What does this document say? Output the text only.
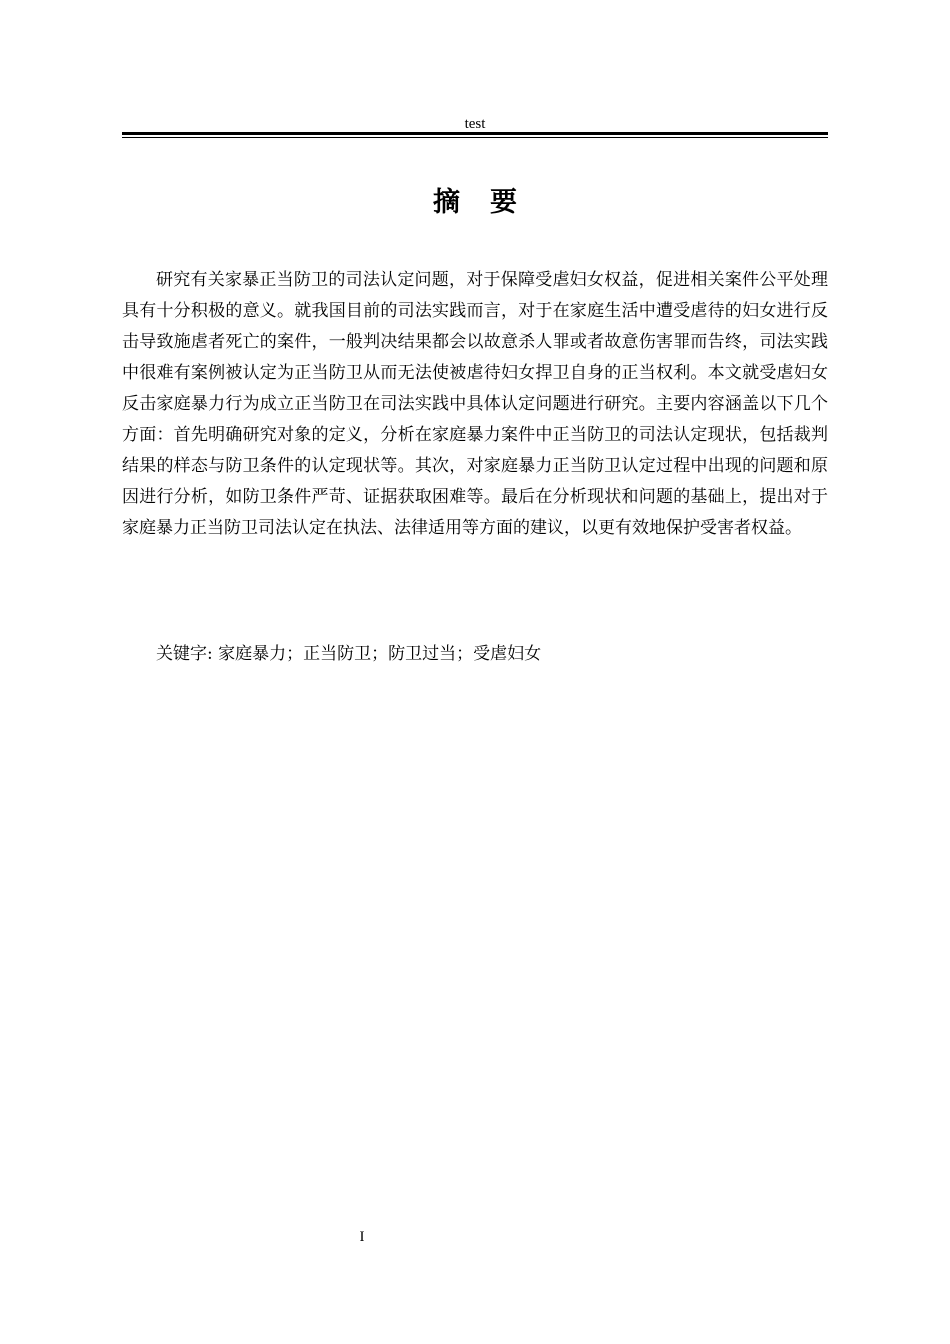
test
摘要

研究有关家暴正当防卫的司法认定问题，对于保障受虐妇女权益，促进相关案件公平处理具有十分积极的意义。就我国目前的司法实践而言，对于在家庭生活中遭受虐待的妇女进行反击导致施虐者死亡的案件，一般判决结果都会以故意杀人罪或者故意伤害罪而告终，司法实践中很难有案例被认定为正当防卫从而无法使被虐待妇女捍卫自身的正当权利。本文就受虐妇女反击家庭暴力行为成立正当防卫在司法实践中具体认定问题进行研究。主要内容涵盖以下几个方面：首先明确研究对象的定义，分析在家庭暴力案件中正当防卫的司法认定现状，包括裁判结果的样态与防卫条件的认定现状等。其次，对家庭暴力正当防卫认定过程中出现的问题和原因进行分析，如防卫条件严苛、证据获取困难等。最后在分析现状和问题的基础上，提出对于家庭暴力正当防卫司法认定在执法、法律适用等方面的建议，以更有效地保护受害者权益。

关键字: 家庭暴力；正当防卫；防卫过当；受虐妇女
I
